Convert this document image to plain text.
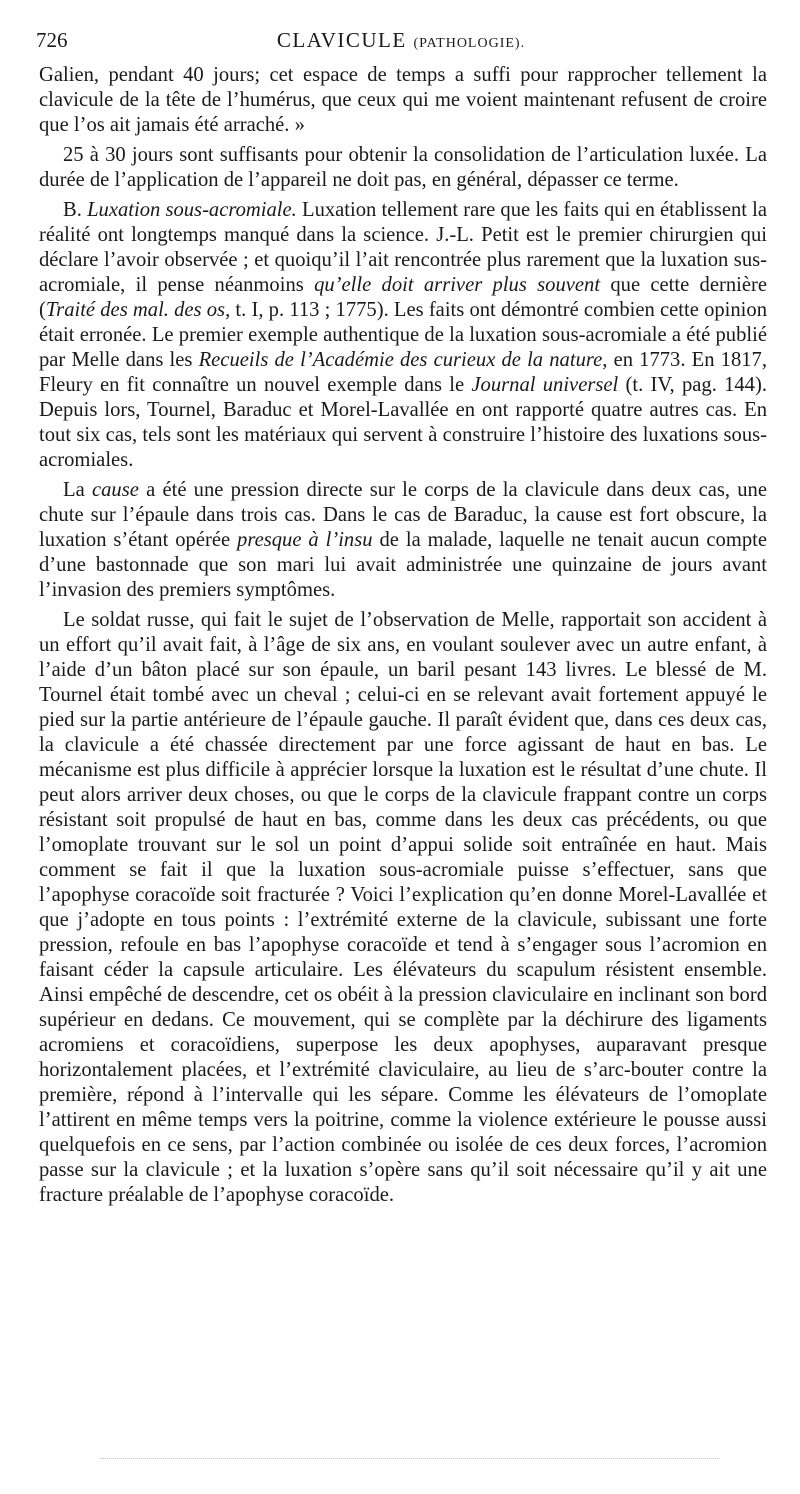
726	CLAVICULE (PATHOLOGIE).

Galien, pendant 40 jours; cet espace de temps a suffi pour rapprocher tellement la clavicule de la tête de l’humérus, que ceux qui me voient maintenant refusent de croire que l’os ait jamais été arraché. »

25 à 30 jours sont suffisants pour obtenir la consolidation de l’articulation luxée. La durée de l’application de l’appareil ne doit pas, en général, dépasser ce terme.

B. Luxation sous-acromiale. Luxation tellement rare que les faits qui en établissent la réalité ont longtemps manqué dans la science. J.-L. Petit est le premier chirurgien qui déclare l’avoir observée ; et quoiqu’il l’ait rencontrée plus rarement que la luxation sus-acromiale, il pense néanmoins qu’elle doit arriver plus souvent que cette dernière (Traité des mal. des os, t. I, p. 113 ; 1775). Les faits ont démontré combien cette opinion était erronée. Le premier exemple authentique de la luxation sous-acromiale a été publié par Melle dans les Recueils de l’Académie des curieux de la nature, en 1773. En 1817, Fleury en fit connaître un nouvel exemple dans le Journal universel (t. IV, pag. 144). Depuis lors, Tournel, Baraduc et Morel-Lavallée en ont rapporté quatre autres cas. En tout six cas, tels sont les matériaux qui servent à construire l’histoire des luxations sous-acromiales.

La cause a été une pression directe sur le corps de la clavicule dans deux cas, une chute sur l’épaule dans trois cas. Dans le cas de Baraduc, la cause est fort obscure, la luxation s’étant opérée presque à l’insu de la malade, laquelle ne tenait aucun compte d’une bastonnade que son mari lui avait administrée une quinzaine de jours avant l’invasion des premiers symptômes.

Le soldat russe, qui fait le sujet de l’observation de Melle, rapportait son accident à un effort qu’il avait fait, à l’âge de six ans, en voulant soulever avec un autre enfant, à l’aide d’un bâton placé sur son épaule, un baril pesant 143 livres. Le blessé de M. Tournel était tombé avec un cheval ; celui-ci en se relevant avait fortement appuyé le pied sur la partie antérieure de l’épaule gauche. Il paraît évident que, dans ces deux cas, la clavicule a été chassée directement par une force agissant de haut en bas. Le mécanisme est plus difficile à apprécier lorsque la luxation est le résultat d’une chute. Il peut alors arriver deux choses, ou que le corps de la clavicule frappant contre un corps résistant soit propulsé de haut en bas, comme dans les deux cas précédents, ou que l’omoplate trouvant sur le sol un point d’appui solide soit entraînée en haut. Mais comment se fait il que la luxation sous-acromiale puisse s’effectuer, sans que l’apophyse coracoïde soit fracturée ? Voici l’explication qu’en donne Morel-Lavallée et que j’adopte en tous points : l’extrémité externe de la clavicule, subissant une forte pression, refoule en bas l’apophyse coracoïde et tend à s’engager sous l’acromion en faisant céder la capsule articulaire. Les élévateurs du scapulum résistent ensemble. Ainsi empêché de descendre, cet os obéit à la pression claviculaire en inclinant son bord supérieur en dedans. Ce mouvement, qui se complète par la déchirure des ligaments acromiens et coracoïdiens, superpose les deux apophyses, auparavant presque horizontalement placées, et l’extrémité claviculaire, au lieu de s’arc-bouter contre la première, répond à l’intervalle qui les sépare. Comme les élévateurs de l’omoplate l’attirent en même temps vers la poitrine, comme la violence extérieure le pousse aussi quelquefois en ce sens, par l’action combinée ou isolée de ces deux forces, l’acromion passe sur la clavicule ; et la luxation s’opère sans qu’il soit nécessaire qu’il y ait une fracture préalable de l’apophyse coracoïde.
